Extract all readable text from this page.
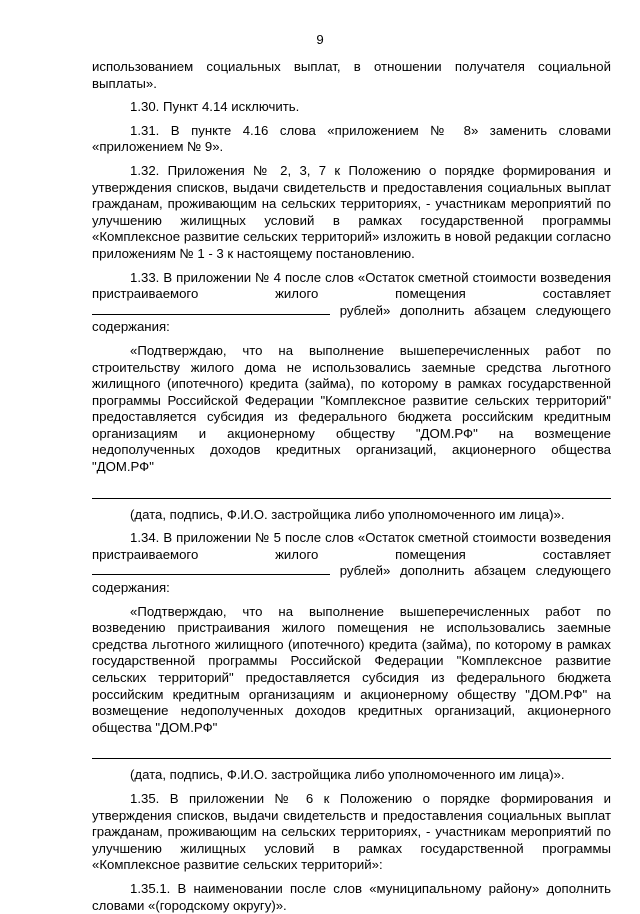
9

использованием социальных выплат, в отношении получателя социальной выплаты».

1.30. Пункт 4.14 исключить.

1.31. В пункте 4.16 слова «приложением № 8» заменить словами «приложением № 9».

1.32. Приложения № 2, 3, 7 к Положению о порядке формирования и утверждения списков, выдачи свидетельств и предоставления социальных выплат гражданам, проживающим на сельских территориях, - участникам мероприятий по улучшению жилищных условий в рамках государственной программы «Комплексное развитие сельских территорий» изложить в новой редакции согласно приложениям № 1 - 3 к настоящему постановлению.

1.33. В приложении № 4 после слов «Остаток сметной стоимости возведения пристраиваемого жилого помещения составляет  рублей» дополнить абзацем следующего содержания:

«Подтверждаю, что на выполнение вышеперечисленных работ по строительству жилого дома не использовались заемные средства льготного жилищного (ипотечного) кредита (займа), по которому в рамках государственной программы Российской Федерации "Комплексное развитие сельских территорий" предоставляется субсидия из федерального бюджета российским кредитным организациям и акционерному обществу "ДОМ.РФ" на возмещение недополученных доходов кредитных организаций, акционерного общества "ДОМ.РФ"

(дата, подпись, Ф.И.О. застройщика либо уполномоченного им лица)».

1.34. В приложении № 5 после слов «Остаток сметной стоимости возведения пристраиваемого жилого помещения составляет  рублей» дополнить абзацем следующего содержания:

«Подтверждаю, что на выполнение вышеперечисленных работ по возведению пристраивания жилого помещения не использовались заемные средства льготного жилищного (ипотечного) кредита (займа), по которому в рамках государственной программы Российской Федерации "Комплексное развитие сельских территорий" предоставляется субсидия из федерального бюджета российским кредитным организациям и акционерному обществу "ДОМ.РФ" на возмещение недополученных доходов кредитных организаций, акционерного общества "ДОМ.РФ"

(дата, подпись, Ф.И.О. застройщика либо уполномоченного им лица)».

1.35. В приложении № 6 к Положению о порядке формирования и утверждения списков, выдачи свидетельств и предоставления социальных выплат гражданам, проживающим на сельских территориях, - участникам мероприятий по улучшению жилищных условий в рамках государственной программы «Комплексное развитие сельских территорий»:

1.35.1. В наименовании после слов «муниципальному району» дополнить словами «(городскому округу)».
